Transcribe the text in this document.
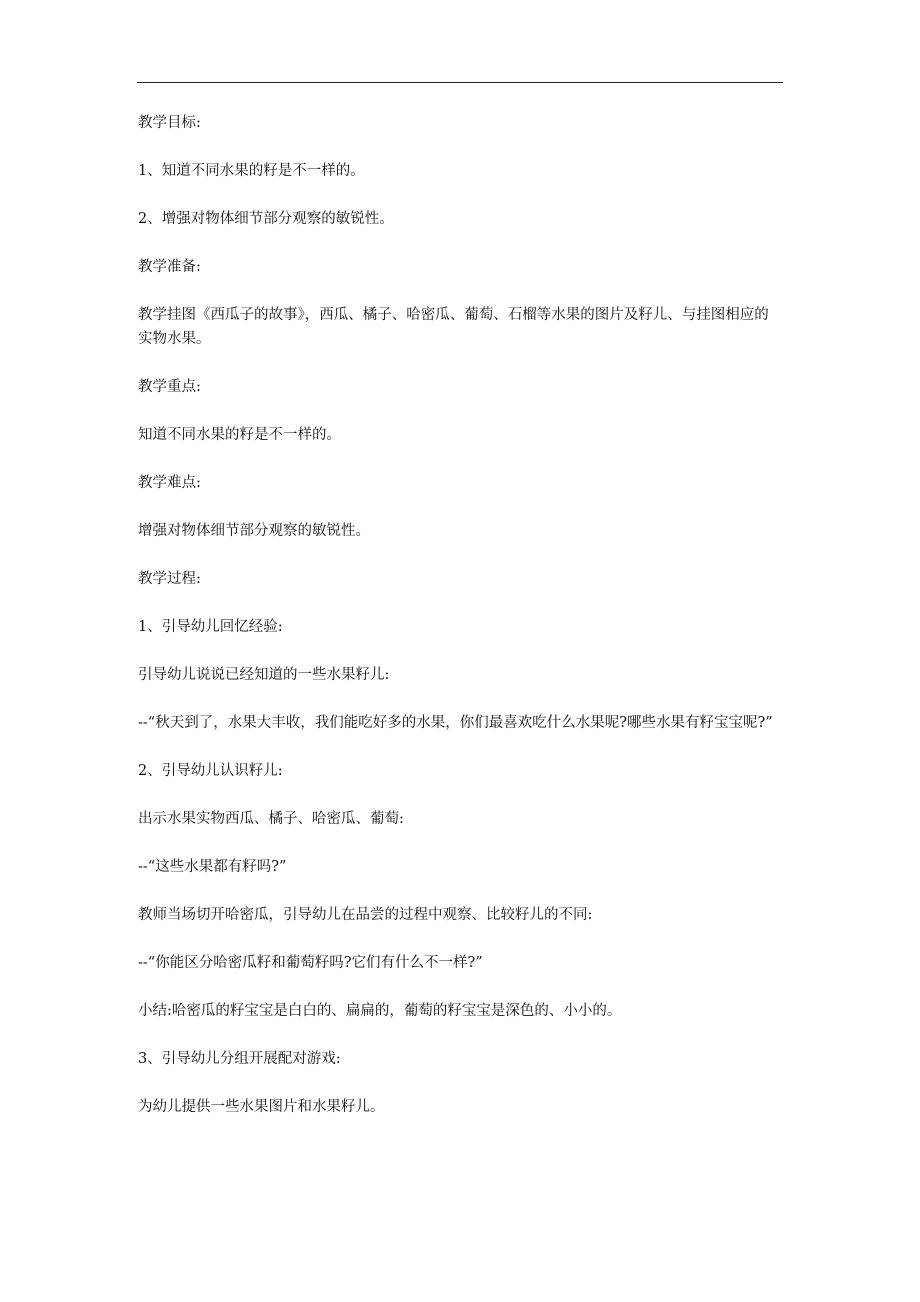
教学目标:

1、知道不同水果的籽是不一样的。

2、增强对物体细节部分观察的敏锐性。

教学准备:

教学挂图《西瓜子的故事》，西瓜、橘子、哈密瓜、葡萄、石榴等水果的图片及籽儿、与挂图相应的实物水果。

教学重点:

知道不同水果的籽是不一样的。

教学难点:

增强对物体细节部分观察的敏锐性。

教学过程:

1、引导幼儿回忆经验:

引导幼儿说说已经知道的一些水果籽儿:

--“秋天到了，水果大丰收，我们能吃好多的水果，你们最喜欢吃什么水果呢?哪些水果有籽宝宝呢?”

2、引导幼儿认识籽儿:

出示水果实物西瓜、橘子、哈密瓜、葡萄:

--“这些水果都有籽吗?”

教师当场切开哈密瓜，引导幼儿在品尝的过程中观察、比较籽儿的不同:

--“你能区分哈密瓜籽和葡萄籽吗?它们有什么不一样?”

小结:哈密瓜的籽宝宝是白白的、扁扁的，葡萄的籽宝宝是深色的、小小的。

3、引导幼儿分组开展配对游戏:

为幼儿提供一些水果图片和水果籽儿。
